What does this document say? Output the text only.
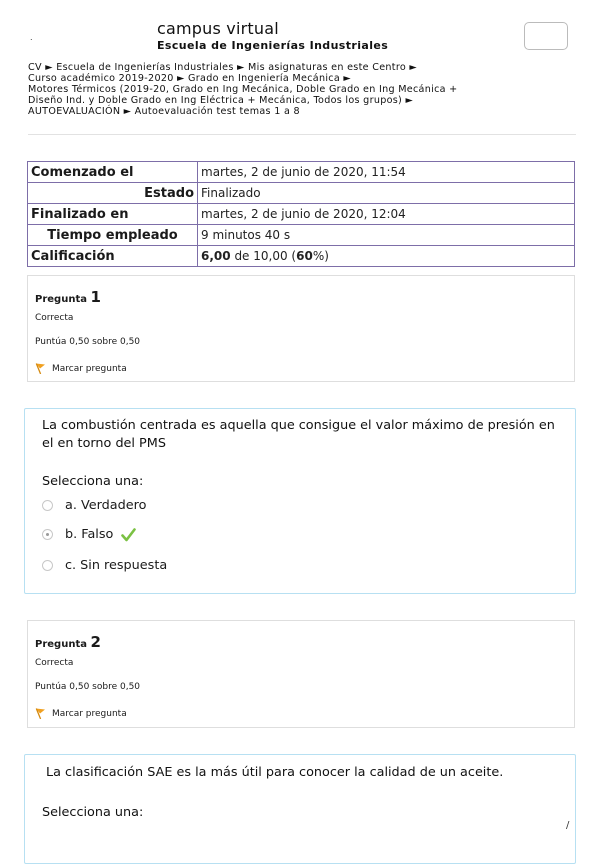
.	campus virtual
Escuela de Ingenierías Industriales
CV ► Escuela de Ingenierías Industriales ► Mis asignaturas en este Centro ►
Curso académico 2019-2020 ► Grado en Ingeniería Mecánica ►
Motores Térmicos (2019-20, Grado en Ing Mecánica, Doble Grado en Ing Mecánica +
Diseño Ind. y Doble Grado en Ing Eléctrica + Mecánica, Todos los grupos) ►
AUTOEVALUACIÓN ► Autoevaluación test temas 1 a 8
Comenzado el	martes, 2 de junio de 2020, 11:54
Estado	Finalizado
Finalizado en	martes, 2 de junio de 2020, 12:04
Tiempo empleado	9 minutos 40 s
Calificación	6,00 de 10,00 (60%)
Pregunta 1
Correcta
Puntúa 0,50 sobre 0,50
Marcar pregunta
La combustión centrada es aquella que consigue el valor máximo de presión en el en torno del PMS
Selecciona una:
a. Verdadero
b. Falso
c. Sin respuesta
Pregunta 2
Correcta
Puntúa 0,50 sobre 0,50
Marcar pregunta
La clasificación SAE es la más útil para conocer la calidad de un aceite.
Selecciona una:
/
